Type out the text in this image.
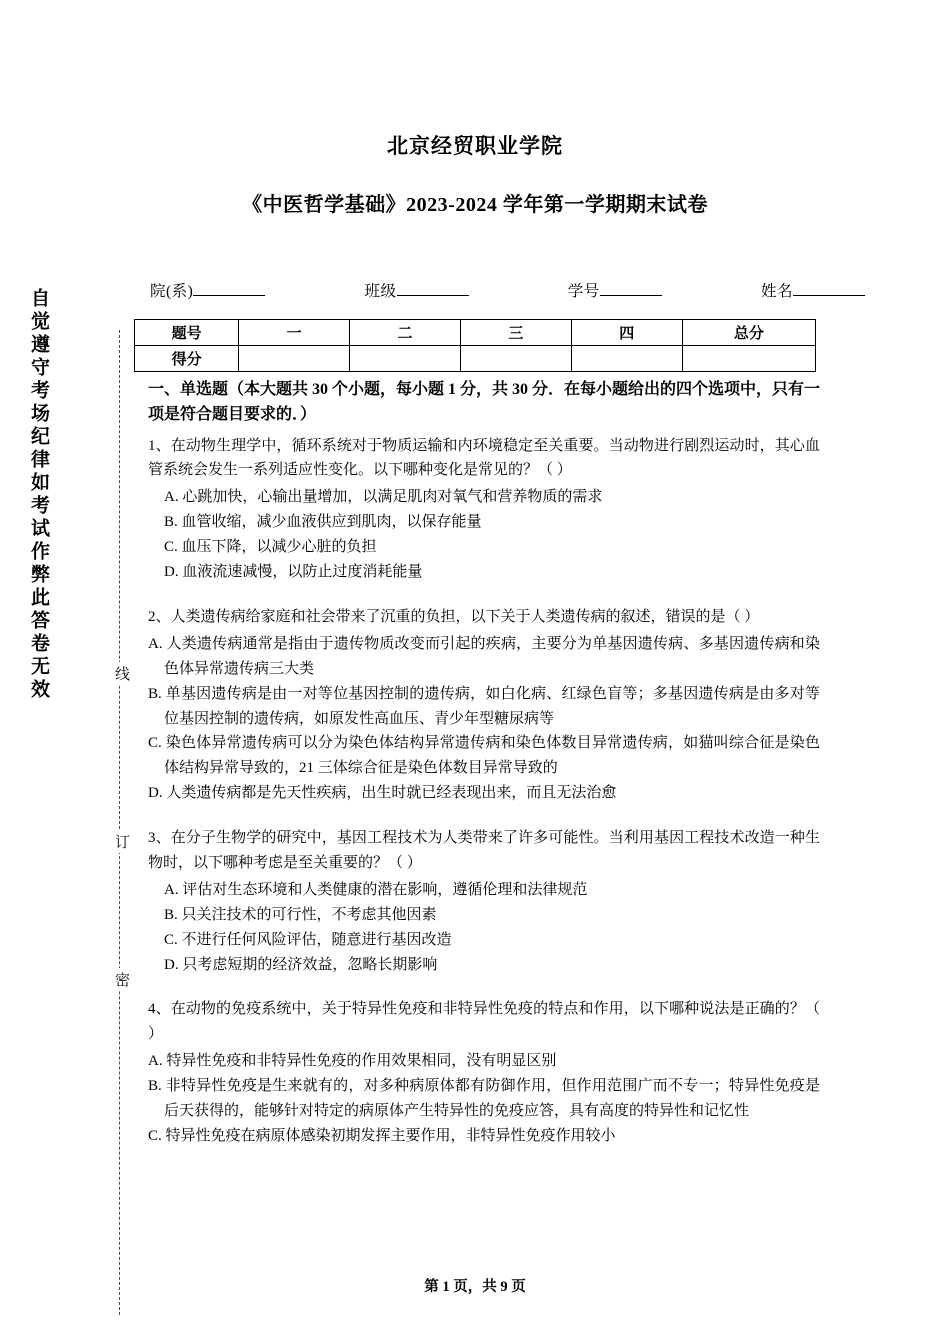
自觉遵守考场纪律如考试作弊此答卷无效	线
订
密
北京经贸职业学院
《中医哲学基础》2023-2024 学年第一学期期末试卷
院(系)	班级	学号	姓名
题号	一	二	三	四	总分
得分					

一、单选题（本大题共 30 个小题，每小题 1 分，共 30 分．在每小题给出的四个选项中，只有一项是符合题目要求的．）

1、在动物生理学中，循环系统对于物质运输和内环境稳定至关重要。当动物进行剧烈运动时，其心血管系统会发生一系列适应性变化。以下哪种变化是常见的？（ ）

A. 心跳加快，心输出量增加，以满足肌肉对氧气和营养物质的需求

B. 血管收缩，减少血液供应到肌肉，以保存能量

C. 血压下降，以减少心脏的负担

D. 血液流速减慢，以防止过度消耗能量

2、人类遗传病给家庭和社会带来了沉重的负担，以下关于人类遗传病的叙述，错误的是（ ）

A. 人类遗传病通常是指由于遗传物质改变而引起的疾病，主要分为单基因遗传病、多基因遗传病和染色体异常遗传病三大类

B. 单基因遗传病是由一对等位基因控制的遗传病，如白化病、红绿色盲等；多基因遗传病是由多对等位基因控制的遗传病，如原发性高血压、青少年型糖尿病等

C. 染色体异常遗传病可以分为染色体结构异常遗传病和染色体数目异常遗传病，如猫叫综合征是染色体结构异常导致的，21 三体综合征是染色体数目异常导致的

D. 人类遗传病都是先天性疾病，出生时就已经表现出来，而且无法治愈

3、在分子生物学的研究中，基因工程技术为人类带来了许多可能性。当利用基因工程技术改造一种生物时，以下哪种考虑是至关重要的？（ ）

A. 评估对生态环境和人类健康的潜在影响，遵循伦理和法律规范

B. 只关注技术的可行性，不考虑其他因素

C. 不进行任何风险评估，随意进行基因改造

D. 只考虑短期的经济效益，忽略长期影响

4、在动物的免疫系统中，关于特异性免疫和非特异性免疫的特点和作用，以下哪种说法是正确的？（ ）

A. 特异性免疫和非特异性免疫的作用效果相同，没有明显区别

B. 非特异性免疫是生来就有的，对多种病原体都有防御作用，但作用范围广而不专一；特异性免疫是后天获得的，能够针对特定的病原体产生特异性的免疫应答，具有高度的特异性和记忆性

C. 特异性免疫在病原体感染初期发挥主要作用，非特异性免疫作用较小

第 1 页，共 9 页
